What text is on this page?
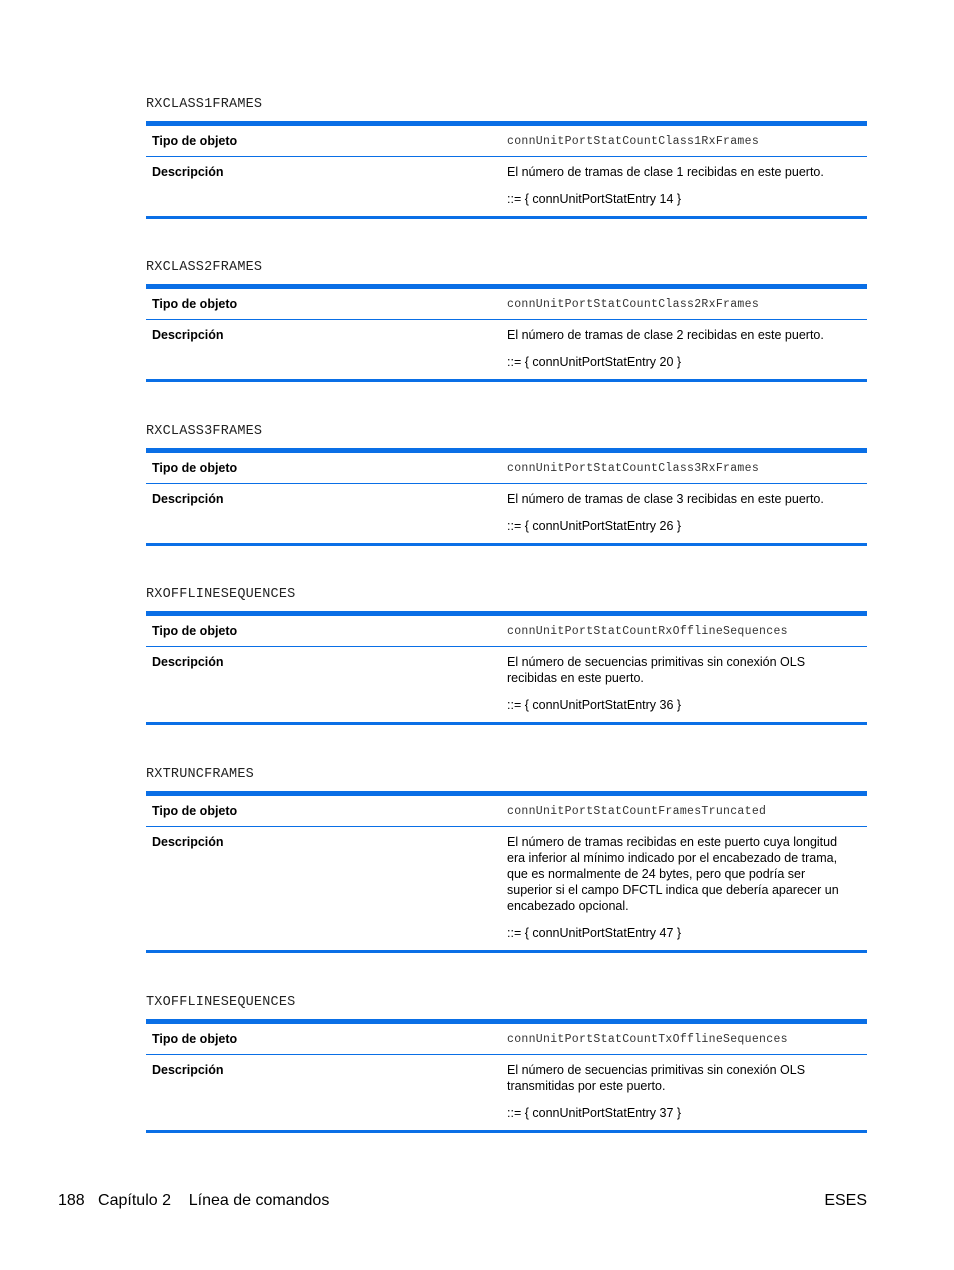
RXCLASS1FRAMES
Tipo de objeto	connUnitPortStatCountClass1RxFrames
Descripción	El número de tramas de clase 1 recibidas en este puerto.

::= { connUnitPortStatEntry 14 }

RXCLASS2FRAMES
Tipo de objeto	connUnitPortStatCountClass2RxFrames
Descripción	El número de tramas de clase 2 recibidas en este puerto.

::= { connUnitPortStatEntry 20 }

RXCLASS3FRAMES
Tipo de objeto	connUnitPortStatCountClass3RxFrames
Descripción	El número de tramas de clase 3 recibidas en este puerto.

::= { connUnitPortStatEntry 26 }

RXOFFLINESEQUENCES
Tipo de objeto	connUnitPortStatCountRxOfflineSequences
Descripción	El número de secuencias primitivas sin conexión OLS
recibidas en este puerto.

::= { connUnitPortStatEntry 36 }

RXTRUNCFRAMES
Tipo de objeto	connUnitPortStatCountFramesTruncated
Descripción	El número de tramas recibidas en este puerto cuya longitud
era inferior al mínimo indicado por el encabezado de trama,
que es normalmente de 24 bytes, pero que podría ser
superior si el campo DFCTL indica que debería aparecer un
encabezado opcional.

::= { connUnitPortStatEntry 47 }

TXOFFLINESEQUENCES
Tipo de objeto	connUnitPortStatCountTxOfflineSequences
Descripción	El número de secuencias primitivas sin conexión OLS
transmitidas por este puerto.

::= { connUnitPortStatEntry 37 }

188 Capítulo 2 Línea de comandos	ESES
